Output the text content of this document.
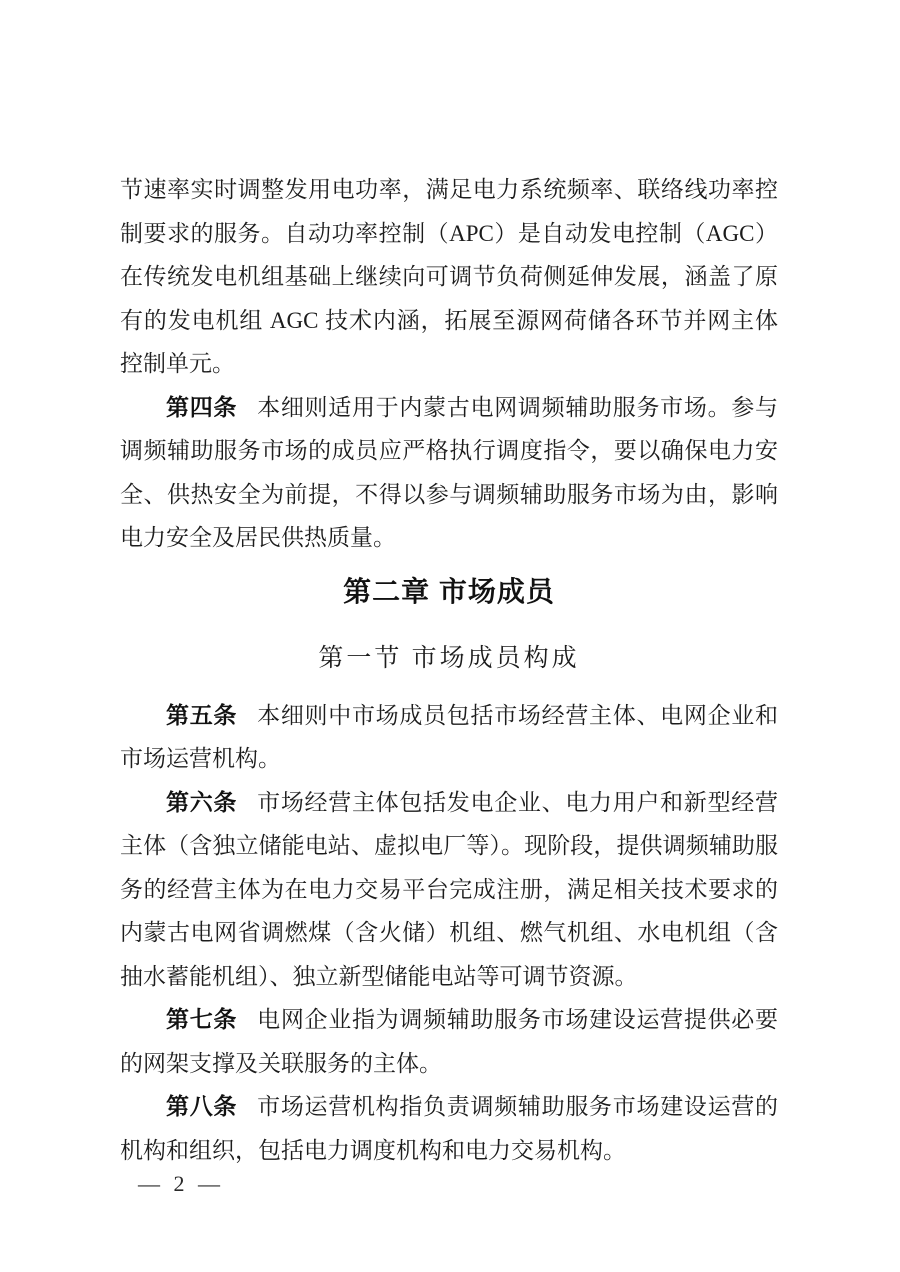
节速率实时调整发用电功率，满足电力系统频率、联络线功率控制要求的服务。自动功率控制（APC）是自动发电控制（AGC）在传统发电机组基础上继续向可调节负荷侧延伸发展，涵盖了原有的发电机组 AGC 技术内涵，拓展至源网荷储各环节并网主体控制单元。

第四条 本细则适用于内蒙古电网调频辅助服务市场。参与调频辅助服务市场的成员应严格执行调度指令，要以确保电力安全、供热安全为前提，不得以参与调频辅助服务市场为由，影响电力安全及居民供热质量。

第二章 市场成员
第一节 市场成员构成

第五条 本细则中市场成员包括市场经营主体、电网企业和市场运营机构。

第六条 市场经营主体包括发电企业、电力用户和新型经营主体（含独立储能电站、虚拟电厂等）。现阶段，提供调频辅助服务的经营主体为在电力交易平台完成注册，满足相关技术要求的内蒙古电网省调燃煤（含火储）机组、燃气机组、水电机组（含抽水蓄能机组）、独立新型储能电站等可调节资源。

第七条 电网企业指为调频辅助服务市场建设运营提供必要的网架支撑及关联服务的主体。

第八条 市场运营机构指负责调频辅助服务市场建设运营的机构和组织，包括电力调度机构和电力交易机构。

— 2 —
